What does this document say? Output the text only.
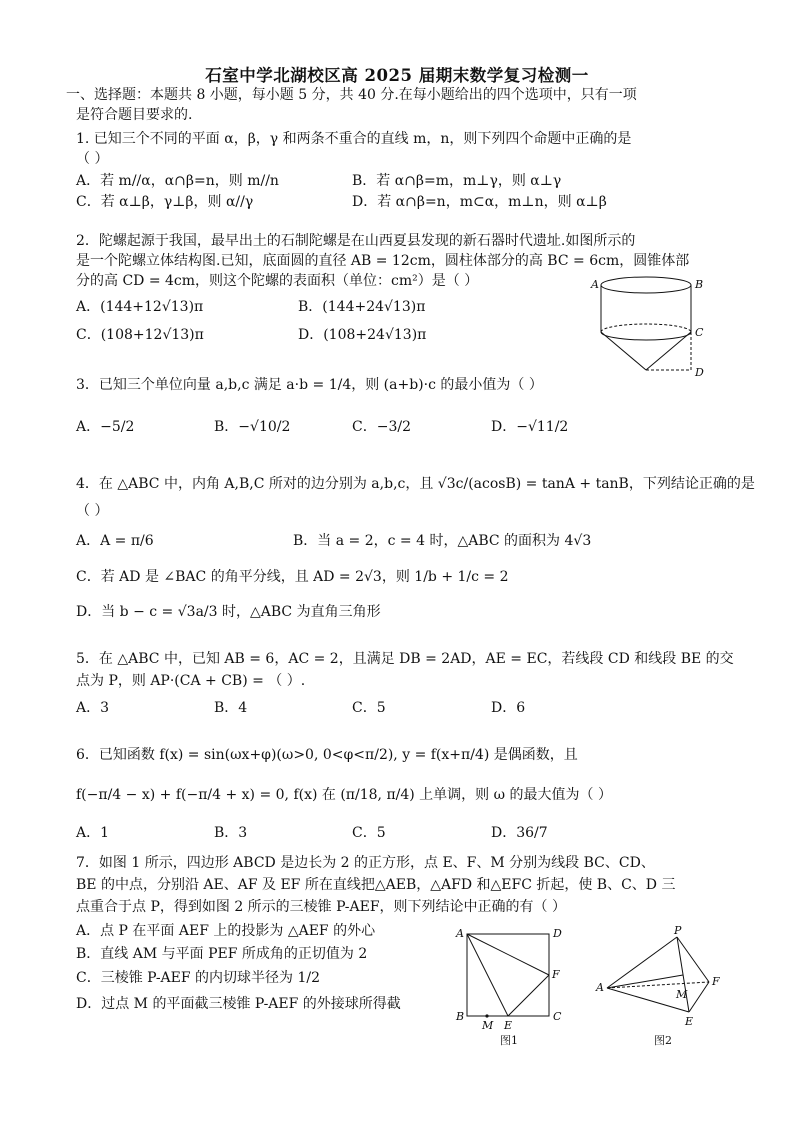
石室中学北湖校区高 2025 届期末数学复习检测一
一、选择题：本题共 8 小题，每小题 5 分，共 40 分.在每小题给出的四个选项中，只有一项
是符合题目要求的.
1. 已知三个不同的平面 α，β，γ 和两条不重合的直线 m，n，则下列四个命题中正确的是
（ ）
A．若 m//α，α∩β=n，则 m//n	B．若 α∩β=m，m⊥γ，则 α⊥γ
C．若 α⊥β，γ⊥β，则 α//γ	D．若 α∩β=n，m⊂α，m⊥n，则 α⊥β
2．陀螺起源于我国，最早出土的石制陀螺是在山西夏县发现的新石器时代遗址.如图所示的
是一个陀螺立体结构图.已知，底面圆的直径 AB = 12cm，圆柱体部分的高 BC = 6cm，圆锥体部
分的高 CD = 4cm，则这个陀螺的表面积（单位：cm²）是（ ）
A．(144+12√13)π	B．(144+24√13)π
C．(108+12√13)π	D．(108+24√13)π
A	B
C
D
3．已知三个单位向量 a,b,c 满足 a·b = 1/4，则 (a+b)·c 的最小值为（ ）
A．−5/2	B．−√10/2	C．−3/2	D．−√11/2
4．在 △ABC 中，内角 A,B,C 所对的边分别为 a,b,c，且 √3c/(acosB) = tanA + tanB，下列结论正确的是
（ ）
A．A = π/6	B．当 a = 2，c = 4 时，△ABC 的面积为 4√3
C．若 AD 是 ∠BAC 的角平分线，且 AD = 2√3，则 1/b + 1/c = 2
D．当 b − c = √3a/3 时，△ABC 为直角三角形
5．在 △ABC 中，已知 AB = 6，AC = 2，且满足 DB = 2AD，AE = EC，若线段 CD 和线段 BE 的交
点为 P，则 AP·(CA + CB) = （ ）.
A．3	B．4	C．5	D．6
6．已知函数 f(x) = sin(ωx+φ)(ω>0, 0<φ<π/2), y = f(x+π/4) 是偶函数，且
f(−π/4 − x) + f(−π/4 + x) = 0, f(x) 在 (π/18, π/4) 上单调，则 ω 的最大值为（ ）
A．1	B．3	C．5	D．36/7
7．如图 1 所示，四边形 ABCD 是边长为 2 的正方形，点 E、F、M 分别为线段 BC、CD、
BE 的中点，分别沿 AE、AF 及 EF 所在直线把△AEB，△AFD 和△EFC 折起，使 B、C、D 三
点重合于点 P，得到如图 2 所示的三棱锥 P-AEF，则下列结论中正确的有（ ）
A．点 P 在平面 AEF 上的投影为 △AEF 的外心
B．直线 AM 与平面 PEF 所成角的正切值为 2
C．三棱锥 P-AEF 的内切球半径为 1/2
D．过点 M 的平面截三棱锥 P-AEF 的外接球所得截
A	D
F
B
M E
C
图1
P
A
M
F
E
图2
